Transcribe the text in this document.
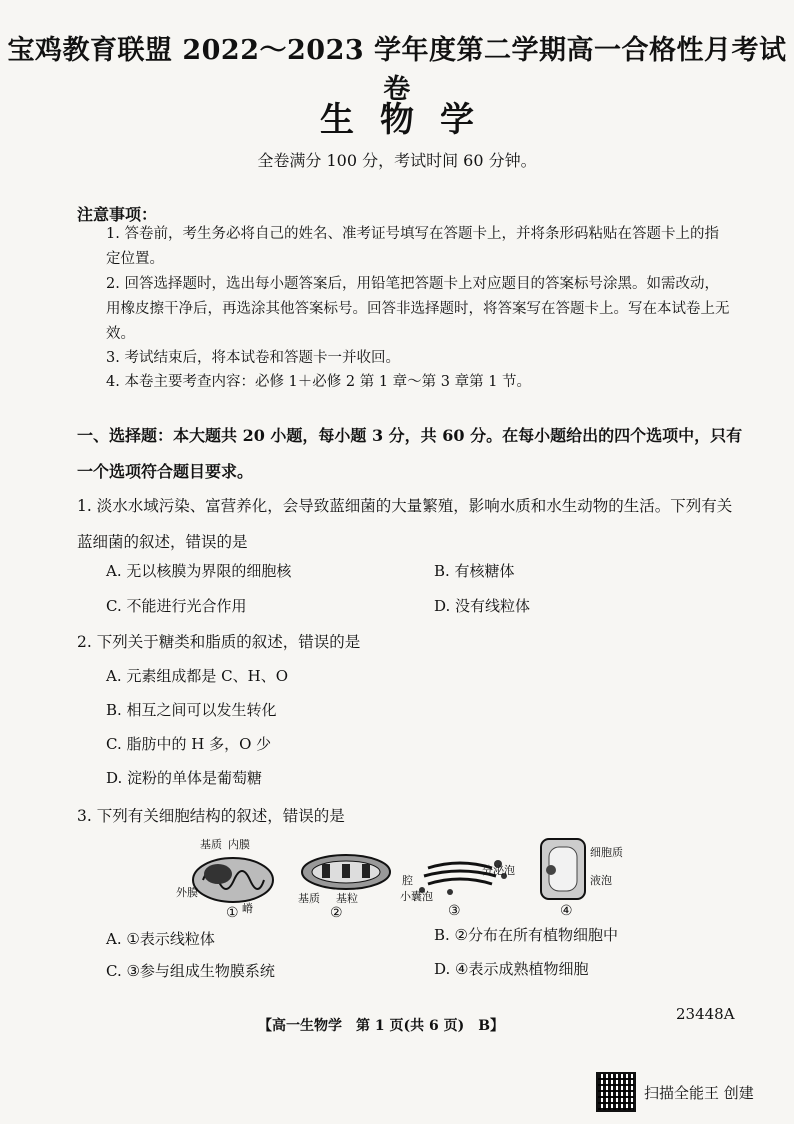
宝鸡教育联盟 2022～2023 学年度第二学期高一合格性月考试卷
生物学
全卷满分 100 分，考试时间 60 分钟。
注意事项：
1. 答卷前，考生务必将自己的姓名、准考证号填写在答题卡上，并将条形码粘贴在答题卡上的指定位置。
2. 回答选择题时，选出每小题答案后，用铅笔把答题卡上对应题目的答案标号涂黑。如需改动，用橡皮擦干净后，再选涂其他答案标号。回答非选择题时，将答案写在答题卡上。写在本试卷上无效。
3. 考试结束后，将本试卷和答题卡一并收回。
4. 本卷主要考查内容：必修 1＋必修 2 第 1 章～第 3 章第 1 节。
一、选择题：本大题共 20 小题，每小题 3 分，共 60 分。在每小题给出的四个选项中，只有一个选项符合题目要求。
1. 淡水水域污染、富营养化，会导致蓝细菌的大量繁殖，影响水质和水生动物的生活。下列有关蓝细菌的叙述，错误的是
A. 无以核膜为界限的细胞核	B. 有核糖体
C. 不能进行光合作用	D. 没有线粒体
2. 下列关于糖类和脂质的叙述，错误的是
A. 元素组成都是 C、H、O
B. 相互之间可以发生转化
C. 脂肪中的 H 多，O 少
D. 淀粉的单体是葡萄糖
3. 下列有关细胞结构的叙述，错误的是
基质 内膜
外膜
嵴
①
基质 基粒
②
腔
小囊泡
分泌泡
③
细胞质
液泡
④
A. ①表示线粒体	B. ②分布在所有植物细胞中
C. ③参与组成生物膜系统	D. ④表示成熟植物细胞
【高一生物学　第 1 页(共 6 页)　B】
23448A
扫描全能王 创建
